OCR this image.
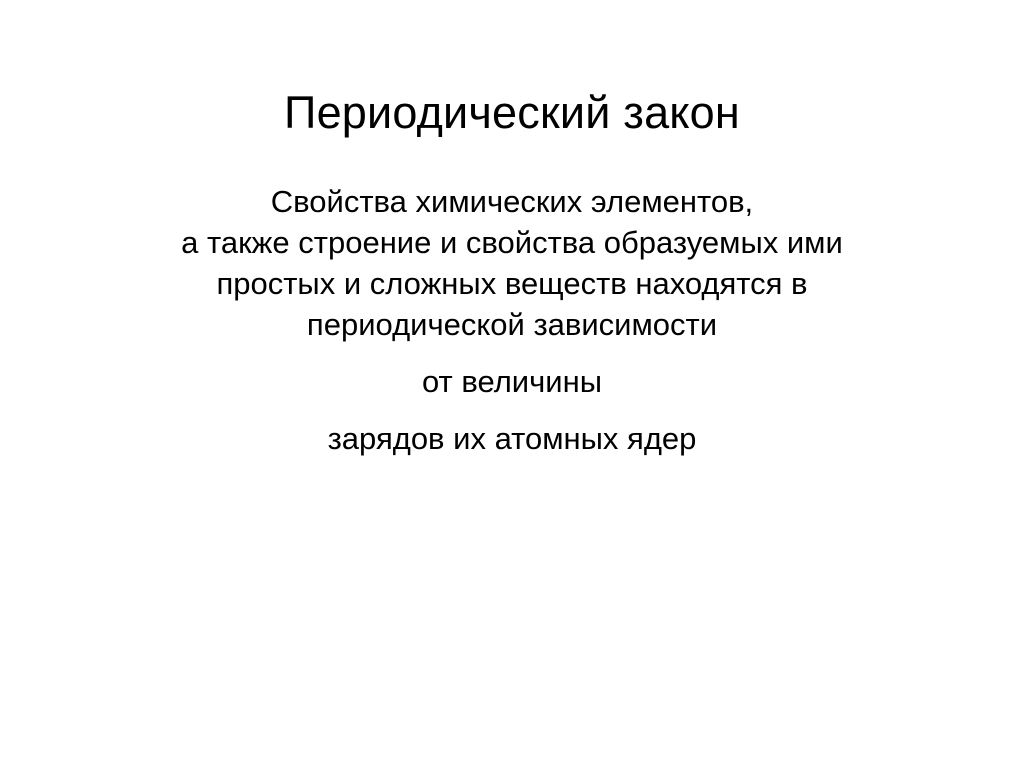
Периодический закон
Свойства химических элементов,
а также строение и свойства образуемых ими
простых и сложных веществ находятся в
периодической зависимости
от величины
зарядов их атомных ядер
